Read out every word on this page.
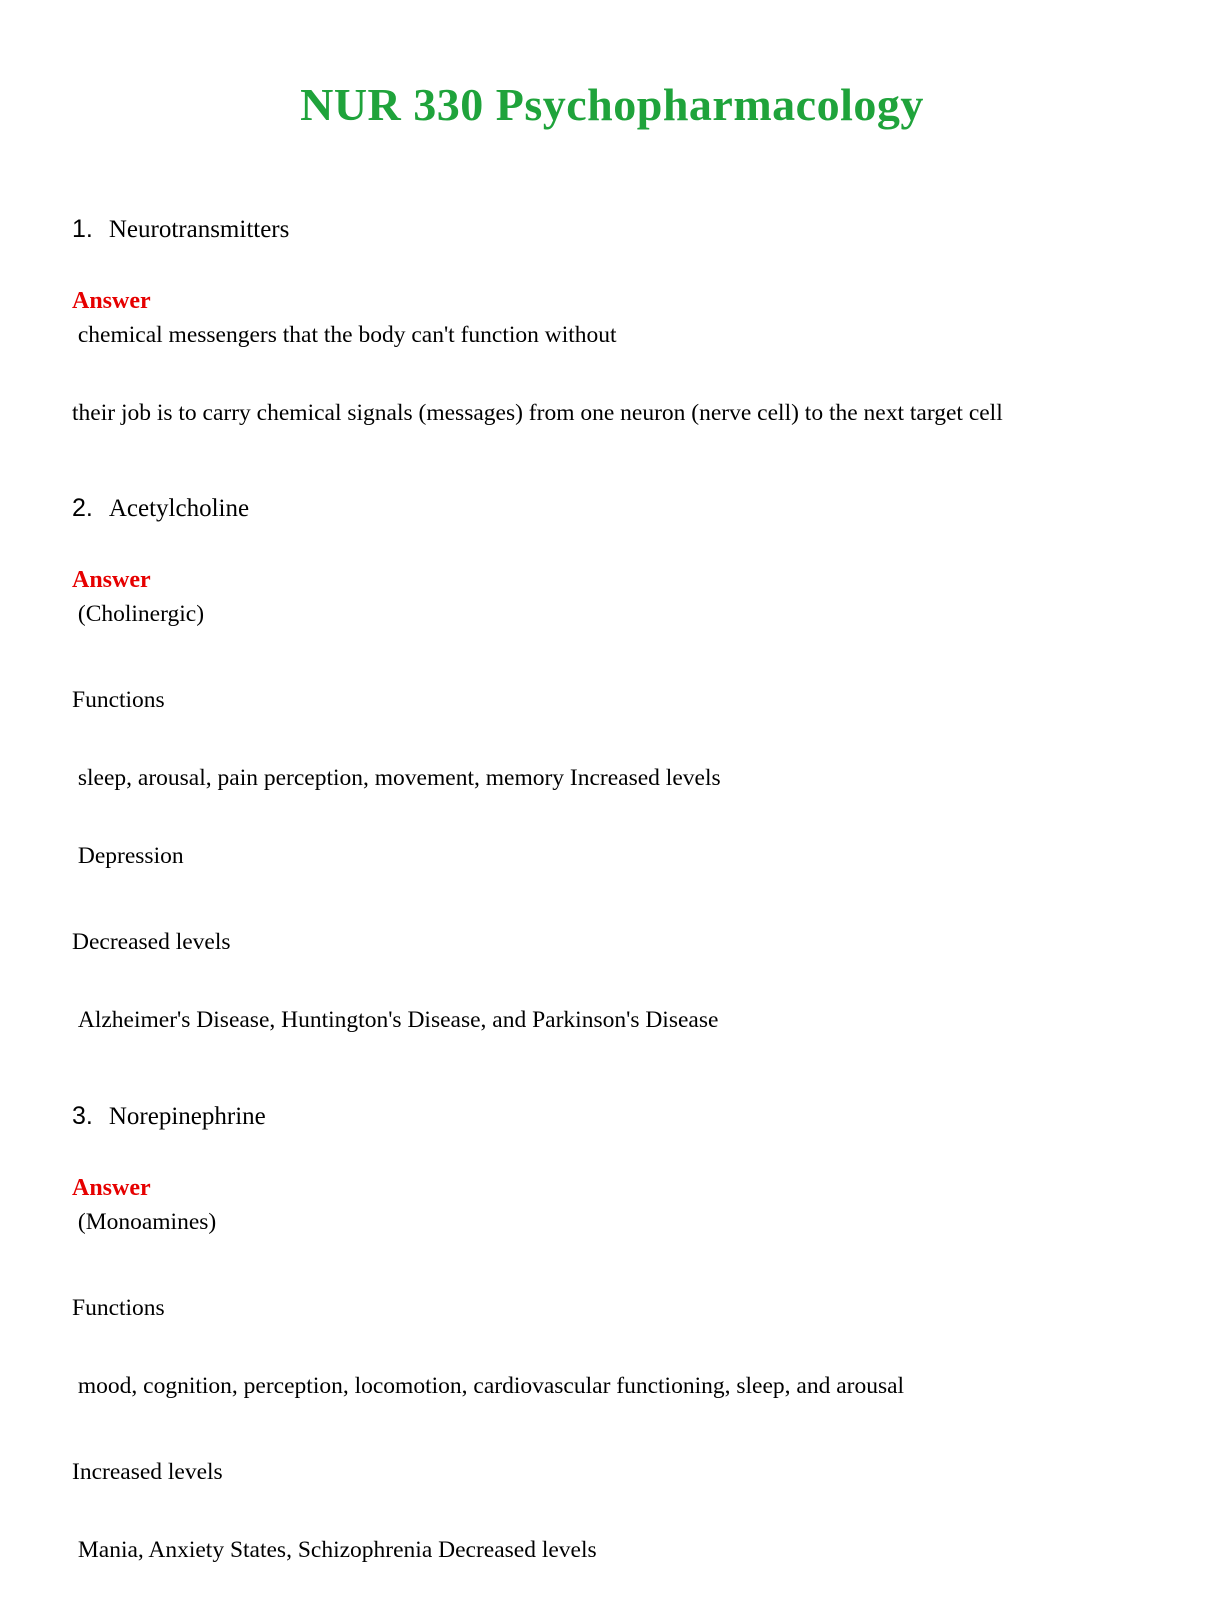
NUR 330 Psychopharmacology
1. Neurotransmitters
Answer

chemical messengers that the body can't function without

their job is to carry chemical signals (messages) from one neuron (nerve cell) to the next target cell

2. Acetylcholine
Answer

(Cholinergic)

Functions

sleep, arousal, pain perception, movement, memory Increased levels

Depression

Decreased levels

Alzheimer's Disease, Huntington's Disease, and Parkinson's Disease

3. Norepinephrine
Answer

(Monoamines)

Functions

mood, cognition, perception, locomotion, cardiovascular functioning, sleep, and arousal

Increased levels

Mania, Anxiety States, Schizophrenia Decreased levels
